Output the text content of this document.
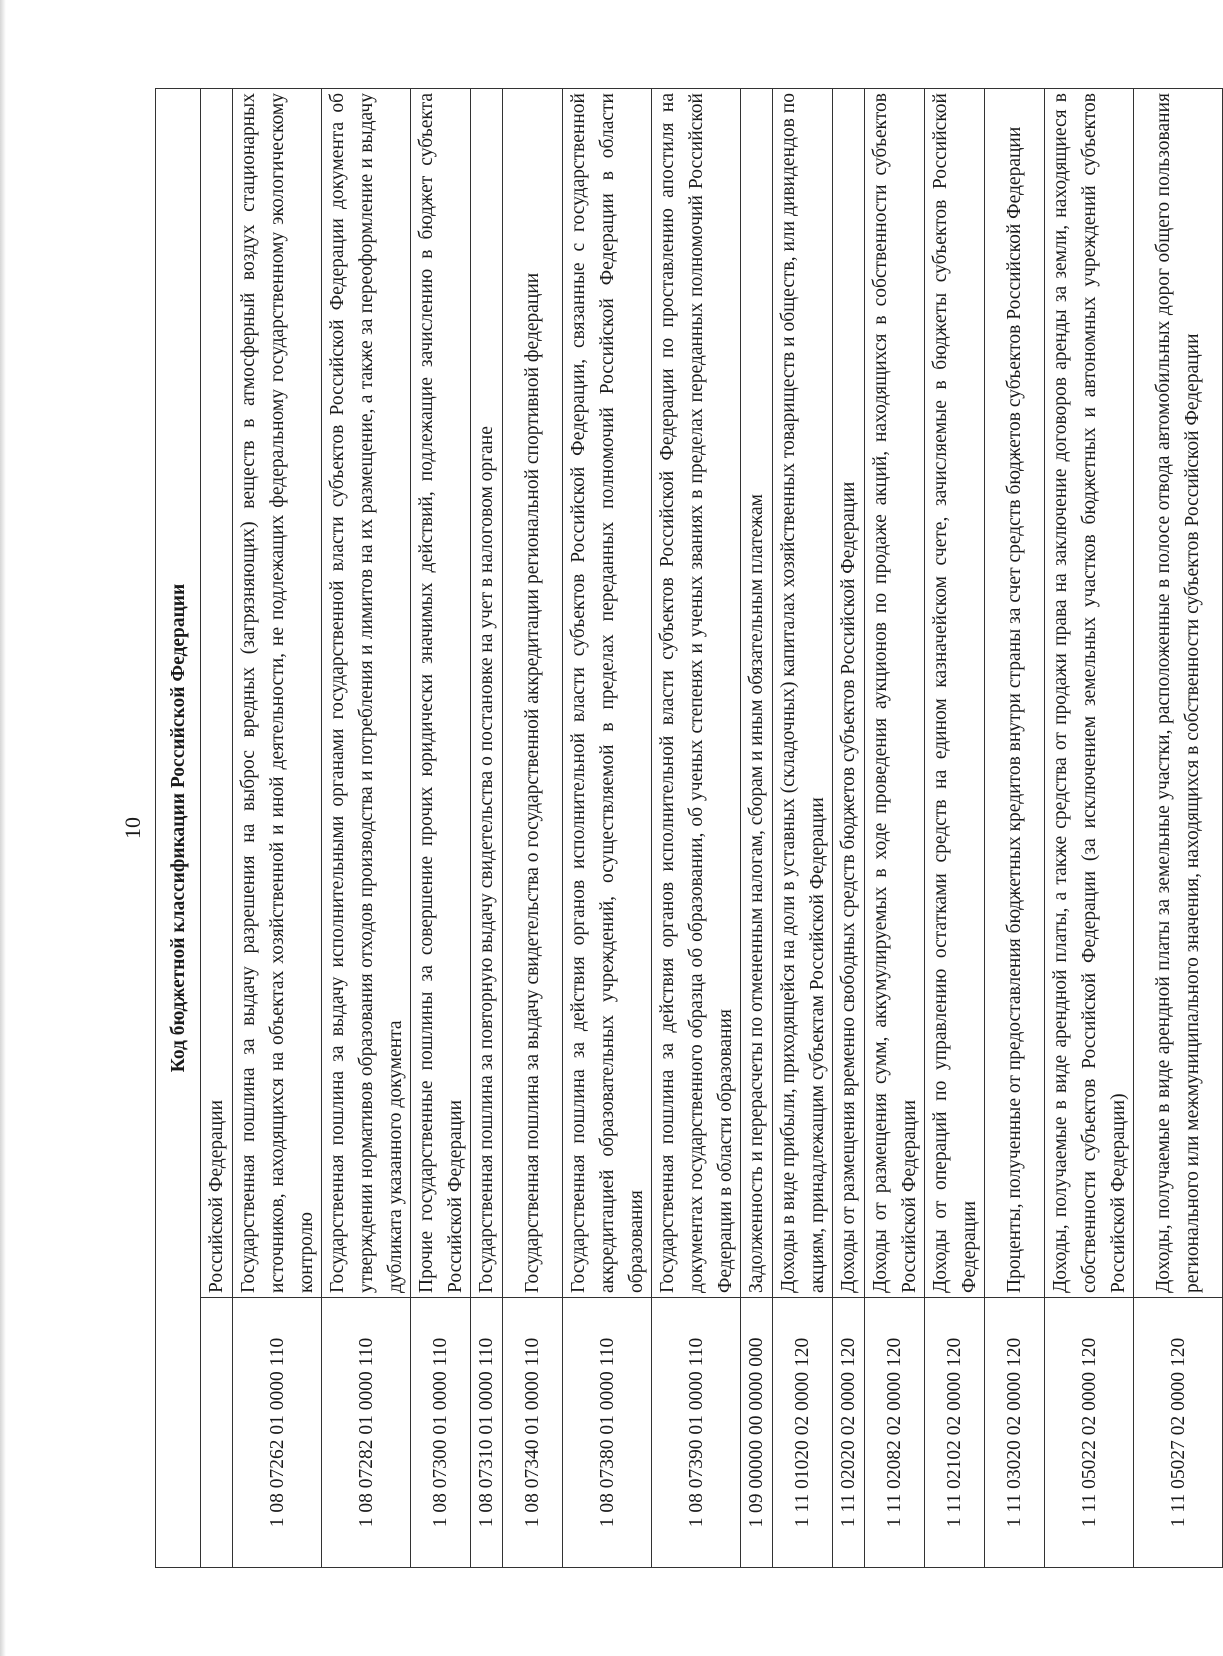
10 Код бюджетной классификации Российской Федерации	
	Российской Федерации
1 08 07262 01 0000 110	Государственная пошлина за выдачу разрешения на выброс вредных (загрязняющих) веществ в атмосферный воздух стационарных источников, находящихся на объектах хозяйственной и иной деятельности, не подлежащих федеральному государственному экологическому контролю
1 08 07282 01 0000 110	Государственная пошлина за выдачу исполнительными органами государственной власти субъектов Российской Федерации документа об утверждении нормативов образования отходов производства и потребления и лимитов на их размещение, а также за переоформление и выдачу дубликата указанного документа
1 08 07300 01 0000 110	Прочие государственные пошлины за совершение прочих юридически значимых действий, подлежащие зачислению в бюджет субъекта Российской Федерации
1 08 07310 01 0000 110	Государственная пошлина за повторную выдачу свидетельства о постановке на учет в налоговом органе
1 08 07340 01 0000 110	Государственная пошлина за выдачу свидетельства о государственной аккредитации региональной спортивной федерации
1 08 07380 01 0000 110	Государственная пошлина за действия органов исполнительной власти субъектов Российской Федерации, связанные с государственной аккредитацией образовательных учреждений, осуществляемой в пределах переданных полномочий Российской Федерации в области образования
1 08 07390 01 0000 110	Государственная пошлина за действия органов исполнительной власти субъектов Российской Федерации по проставлению апостиля на документах государственного образца об образовании, об ученых степенях и ученых званиях в пределах переданных полномочий Российской Федерации в области образования
1 09 00000 00 0000 000	Задолженность и перерасчеты по отмененным налогам, сборам и иным обязательным платежам
1 11 01020 02 0000 120	Доходы в виде прибыли, приходящейся на доли в уставных (складочных) капиталах хозяйственных товариществ и обществ, или дивидендов по акциям, принадлежащим субъектам Российской Федерации
1 11 02020 02 0000 120	Доходы от размещения временно свободных средств бюджетов субъектов Российской Федерации
1 11 02082 02 0000 120	Доходы от размещения сумм, аккумулируемых в ходе проведения аукционов по продаже акций, находящихся в собственности субъектов Российской Федерации
1 11 02102 02 0000 120	Доходы от операций по управлению остатками средств на едином казначейском счете, зачисляемые в бюджеты субъектов Российской Федерации
1 11 03020 02 0000 120	Проценты, полученные от предоставления бюджетных кредитов внутри страны за счет средств бюджетов субъектов Российской Федерации
1 11 05022 02 0000 120	Доходы, получаемые в виде арендной платы, а также средства от продажи права на заключение договоров аренды за земли, находящиеся в собственности субъектов Российской Федерации (за исключением земельных участков бюджетных и автономных учреждений субъектов Российской Федерации)
1 11 05027 02 0000 120	Доходы, получаемые в виде арендной платы за земельные участки, расположенные в полосе отвода автомобильных дорог общего пользования регионального или межмуниципального значения, находящихся в собственности субъектов Российской Федерации
